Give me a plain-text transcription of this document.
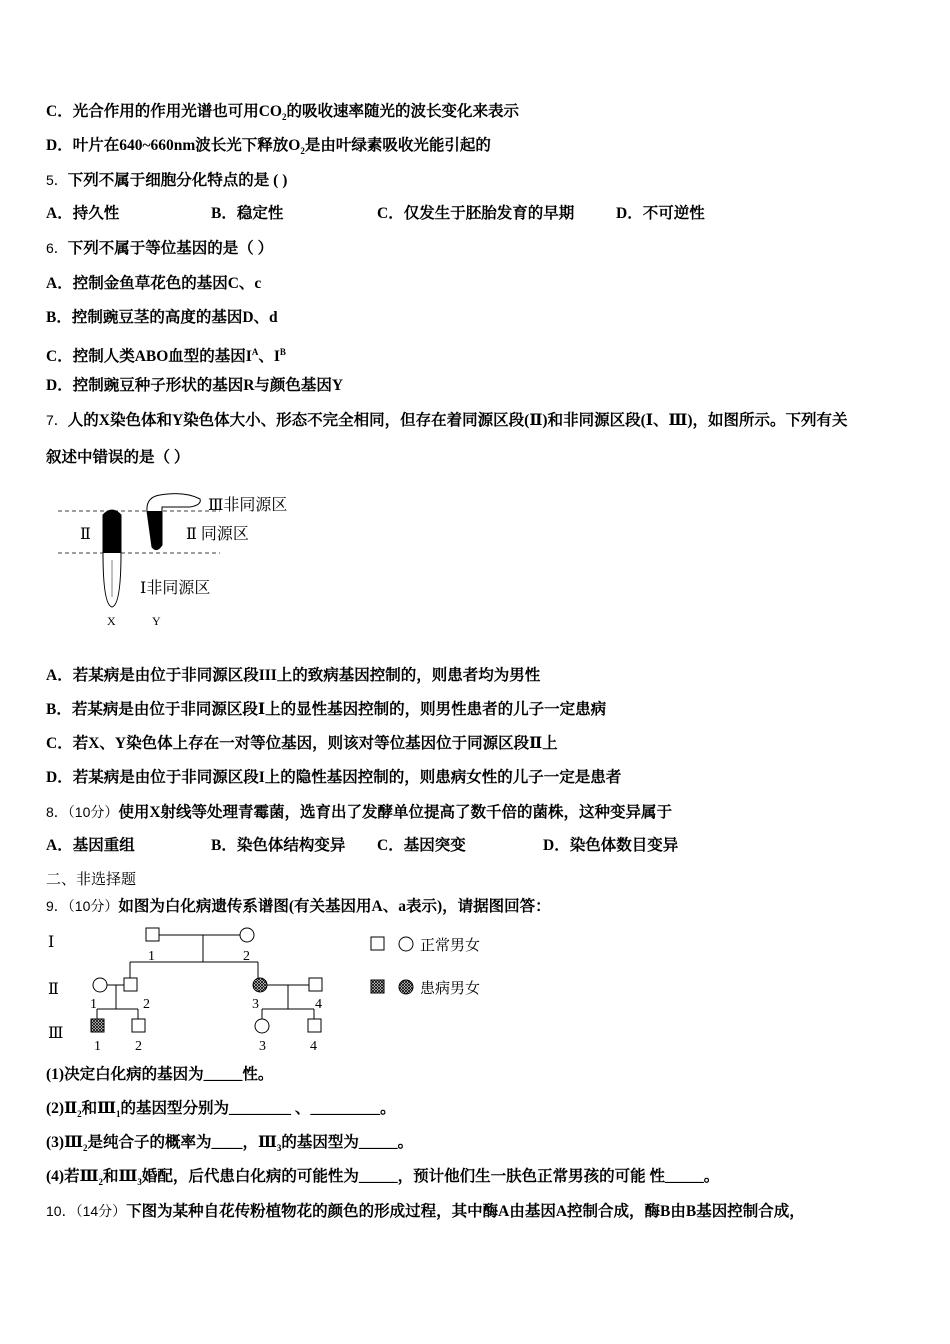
C．光合作用的作用光谱也可用$CO_2$的吸收速率随光的波长变化来表示
D．叶片在640~660nm波长光下释放$O_2$是由叶绿素吸收光能引起的
5．下列不属于细胞分化特点的是 ( )
A．持久性	B．稳定性	C．仅发生于胚胎发育的早期	D．不可逆性
6．下列不属于等位基因的是（ ）
A．控制金鱼草花色的基因C、c
B．控制豌豆茎的高度的基因D、d
C．控制人类ABO血型的基因$I^A$、$I^B$
D．控制豌豆种子形状的基因R与颜色基因Y
7．人的X染色体和Y染色体大小、形态不完全相同，但存在着同源区段(Ⅱ)和非同源区段(Ⅰ、Ⅲ)，如图所示。下列有关
叙述中错误的是（ ）
Ⅲ非同源区
Ⅱ 同源区
Ⅱ
Ⅰ非同源区
X	Y
A．若某病是由位于非同源区段III上的致病基因控制的，则患者均为男性
B．若某病是由位于非同源区段Ⅰ上的显性基因控制的，则男性患者的儿子一定患病
C．若X、Y染色体上存在一对等位基因，则该对等位基因位于同源区段Ⅱ上
D．若某病是由位于非同源区段I上的隐性基因控制的，则患病女性的儿子一定是患者
8．（10分）使用X射线等处理青霉菌，选育出了发酵单位提高了数千倍的菌株，这种变异属于
A．基因重组	B．染色体结构变异 C．基因突变	D．染色体数目变异
二、非选择题
9．（10分）如图为白化病遗传系谱图(有关基因用A、a表示)，请据图回答：
Ⅰ
Ⅱ
Ⅲ
1	2
1	2	3	4
1 2	3	4
正常男女
患病男女
(1)决定白化病的基因为_____性。
$(2)Ⅱ_2$和$Ⅲ_1$的基因型分别为________ 、_________。
$(3)Ⅲ_2$是纯合子的概率为____，$Ⅲ_3$的基因型为_____。
(4)若$Ⅲ_2$和$Ⅲ_3$婚配，后代患白化病的可能性为_____，预计他们生一肤色正常男孩的可能 性_____。
10．（14分）下图为某种自花传粉植物花的颜色的形成过程，其中酶A由基因A控制合成，酶B由B基因控制合成，
